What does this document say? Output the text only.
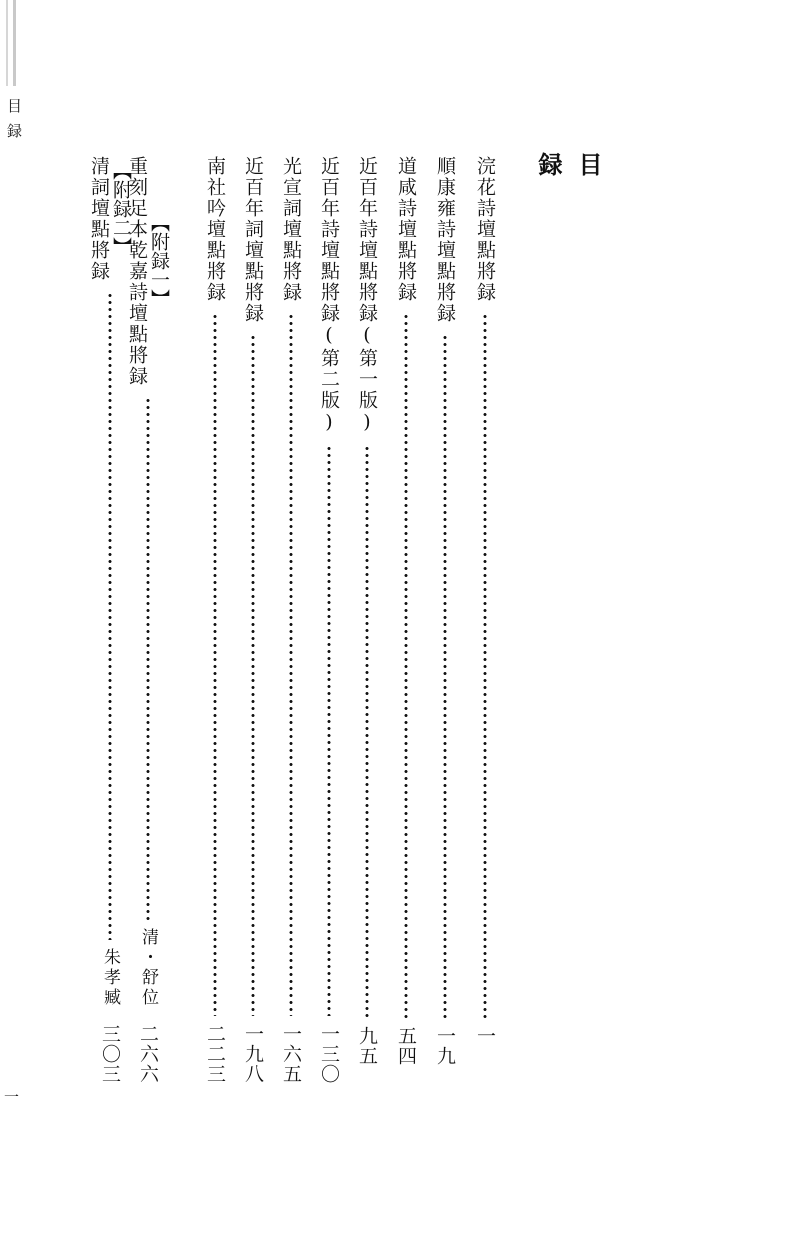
目録
目 録
浣花詩壇點將録
一
順康雍詩壇點將録
一九
道咸詩壇點將録
五四
近百年詩壇點將録(第一版)
九五
近百年詩壇點將録(第二版)
一三〇
光宣詞壇點將録
一六五
近百年詞壇點將録
一九八
南社吟壇點將録
二二三
【附録一】
重刻足本乾嘉詩壇點將録
清・舒位
二六六
【附録二】
清詞壇點將録
朱孝臧
三〇三
一
